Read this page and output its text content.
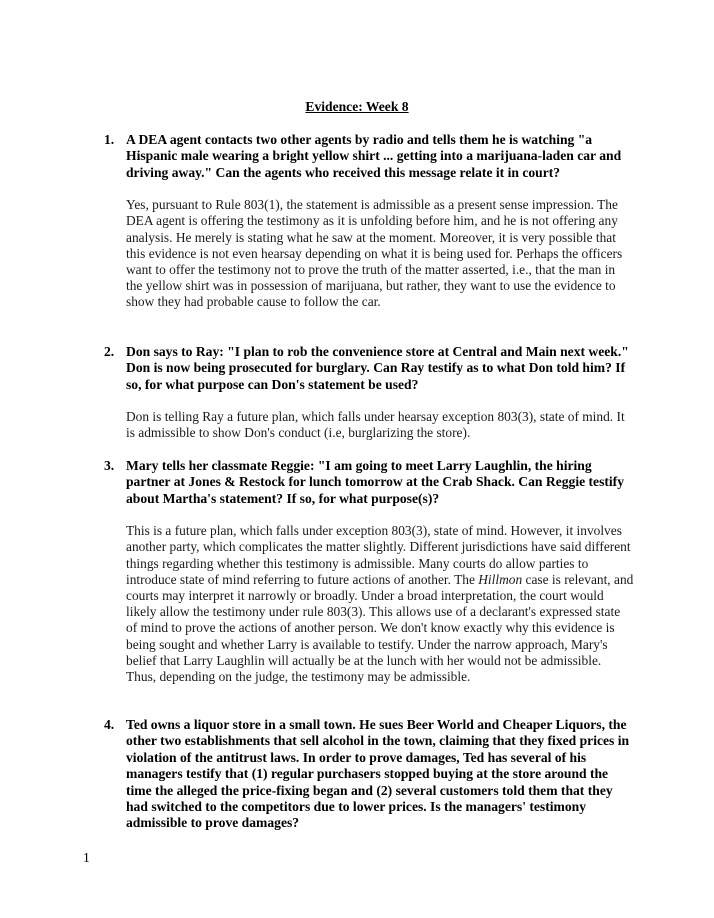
Evidence: Week 8
1. A DEA agent contacts two other agents by radio and tells them he is watching "a Hispanic male wearing a bright yellow shirt ... getting into a marijuana-laden car and driving away." Can the agents who received this message relate it in court?
Yes, pursuant to Rule 803(1), the statement is admissible as a present sense impression. The DEA agent is offering the testimony as it is unfolding before him, and he is not offering any analysis. He merely is stating what he saw at the moment. Moreover, it is very possible that this evidence is not even hearsay depending on what it is being used for. Perhaps the officers want to offer the testimony not to prove the truth of the matter asserted, i.e., that the man in the yellow shirt was in possession of marijuana, but rather, they want to use the evidence to show they had probable cause to follow the car.
2. Don says to Ray: "I plan to rob the convenience store at Central and Main next week." Don is now being prosecuted for burglary. Can Ray testify as to what Don told him? If so, for what purpose can Don's statement be used?
Don is telling Ray a future plan, which falls under hearsay exception 803(3), state of mind. It is admissible to show Don's conduct (i.e, burglarizing the store).
3. Mary tells her classmate Reggie: "I am going to meet Larry Laughlin, the hiring partner at Jones & Restock for lunch tomorrow at the Crab Shack. Can Reggie testify about Martha's statement? If so, for what purpose(s)?
This is a future plan, which falls under exception 803(3), state of mind. However, it involves another party, which complicates the matter slightly. Different jurisdictions have said different things regarding whether this testimony is admissible. Many courts do allow parties to introduce state of mind referring to future actions of another. The Hillmon case is relevant, and courts may interpret it narrowly or broadly. Under a broad interpretation, the court would likely allow the testimony under rule 803(3). This allows use of a declarant's expressed state of mind to prove the actions of another person. We don't know exactly why this evidence is being sought and whether Larry is available to testify. Under the narrow approach, Mary's belief that Larry Laughlin will actually be at the lunch with her would not be admissible. Thus, depending on the judge, the testimony may be admissible.
4. Ted owns a liquor store in a small town. He sues Beer World and Cheaper Liquors, the other two establishments that sell alcohol in the town, claiming that they fixed prices in violation of the antitrust laws. In order to prove damages, Ted has several of his managers testify that (1) regular purchasers stopped buying at the store around the time the alleged the price-fixing began and (2) several customers told them that they had switched to the competitors due to lower prices. Is the managers' testimony admissible to prove damages?
1
